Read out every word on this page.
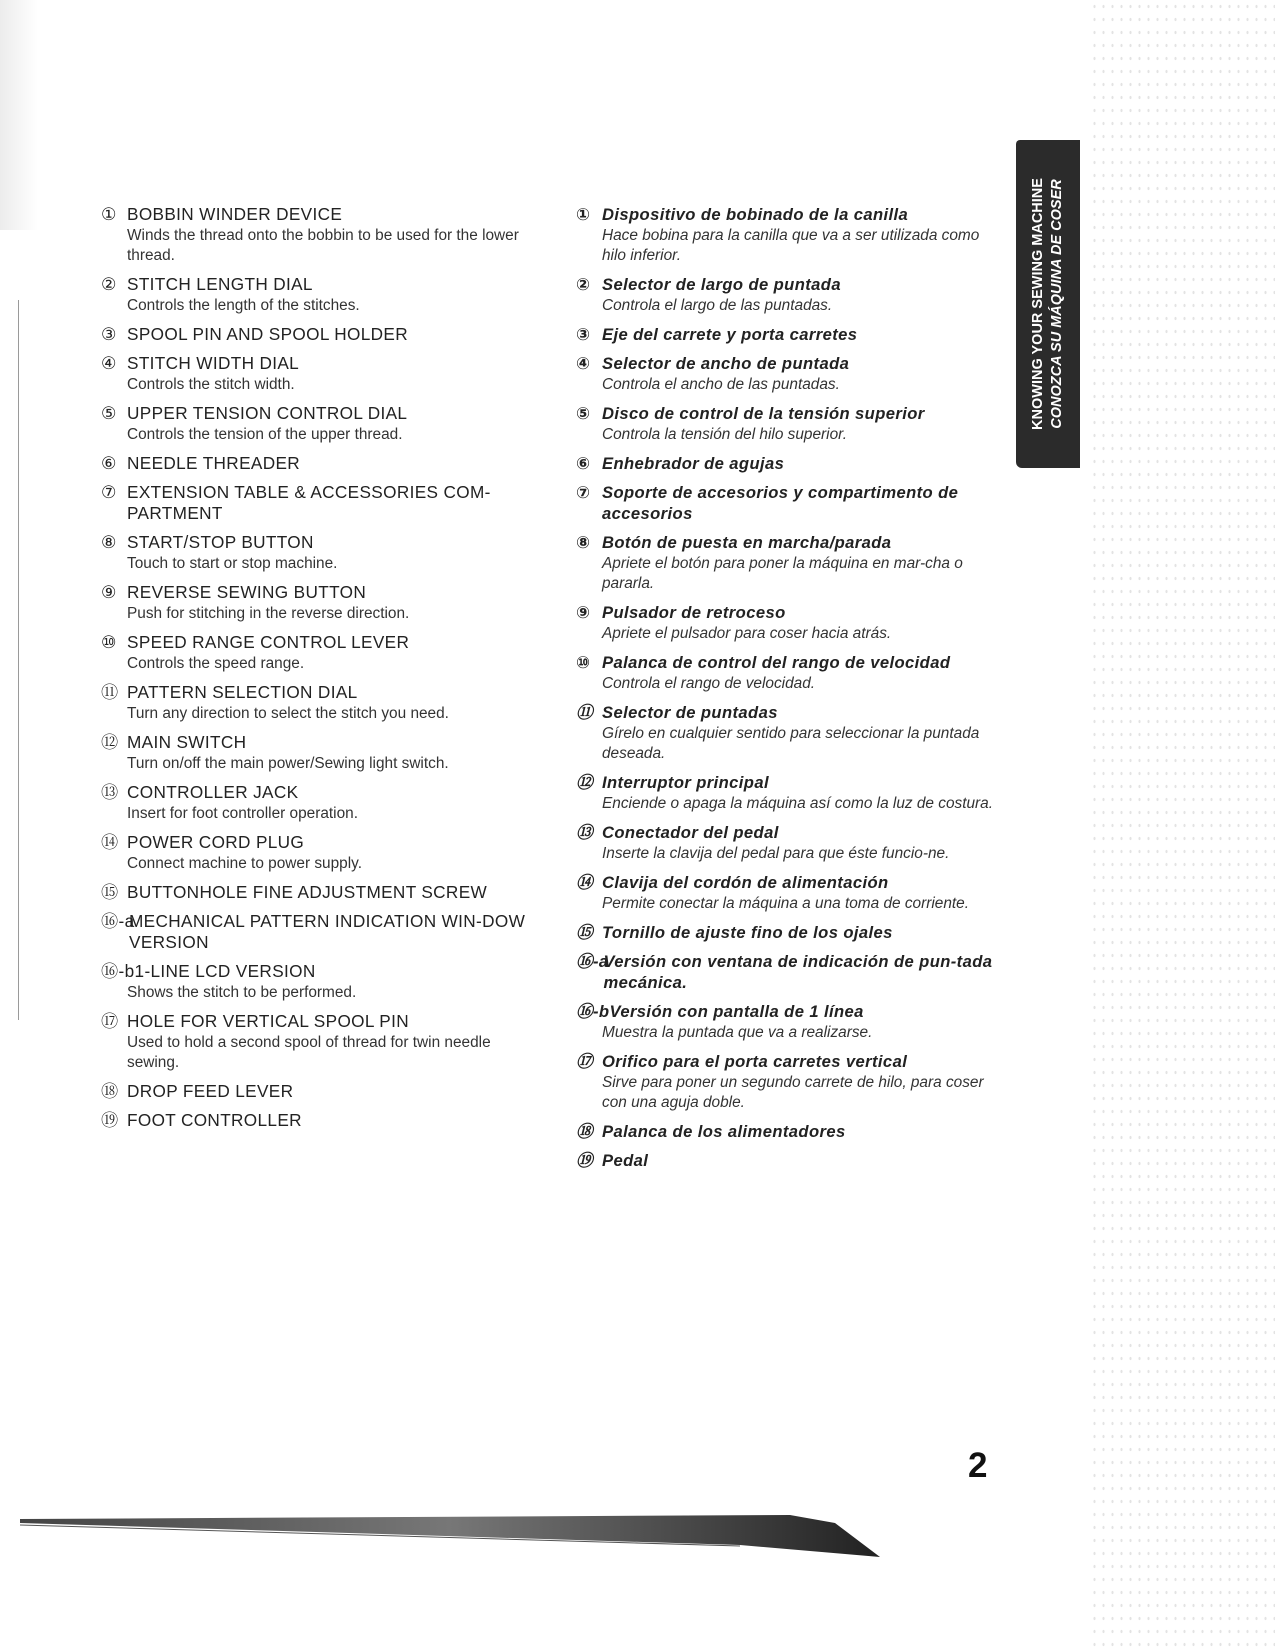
① BOBBIN WINDER DEVICE
Winds the thread onto the bobbin to be used for the lower thread.
② STITCH LENGTH DIAL
Controls the length of the stitches.
③ SPOOL PIN AND SPOOL HOLDER
④ STITCH WIDTH DIAL
Controls the stitch width.
⑤ UPPER TENSION CONTROL DIAL
Controls the tension of the upper thread.
⑥ NEEDLE THREADER
⑦ EXTENSION TABLE & ACCESSORIES COM-PARTMENT
⑧ START/STOP BUTTON
Touch to start or stop machine.
⑨ REVERSE SEWING BUTTON
Push for stitching in the reverse direction.
⑩ SPEED RANGE CONTROL LEVER
Controls the speed range.
⑪ PATTERN SELECTION DIAL
Turn any direction to select the stitch you need.
⑫ MAIN SWITCH
Turn on/off the main power/Sewing light switch.
⑬ CONTROLLER JACK
Insert for foot controller operation.
⑭ POWER CORD PLUG
Connect machine to power supply.
⑮ BUTTONHOLE FINE ADJUSTMENT SCREW
⑯-a
MECHANICAL PATTERN INDICATION WIN-DOW VERSION
⑯-b 1-LINE LCD VERSION
Shows the stitch to be performed.
⑰ HOLE FOR VERTICAL SPOOL PIN
Used to hold a second spool of thread for twin needle sewing.
⑱ DROP FEED LEVER
⑲ FOOT CONTROLLER
① Dispositivo de bobinado de la canilla
Hace bobina para la canilla que va a ser utilizada como hilo inferior.
② Selector de largo de puntada
Controla el largo de las puntadas.
③ Eje del carrete y porta carretes
④ Selector de ancho de puntada
Controla el ancho de las puntadas.
⑤ Disco de control de la tensión superior
Controla la tensión del hilo superior.
⑥ Enhebrador de agujas
⑦ Soporte de accesorios y compartimento de accesorios
⑧ Botón de puesta en marcha/parada
Apriete el botón para poner la máquina en mar-cha o pararla.
⑨ Pulsador de retroceso
Apriete el pulsador para coser hacia atrás.
⑩ Palanca de control del rango de velocidad
Controla el rango de velocidad.
⑪ Selector de puntadas
Gírelo en cualquier sentido para seleccionar la puntada deseada.
⑫ Interruptor principal
Enciende o apaga la máquina así como la luz de costura.
⑬ Conectador del pedal
Inserte la clavija del pedal para que éste funcio-ne.
⑭ Clavija del cordón de alimentación
Permite conectar la máquina a una toma de corriente.
⑮ Tornillo de ajuste fino de los ojales
⑯-a
Versión con ventana de indicación de pun-tada mecánica.
⑯-b Versión con pantalla de 1 línea
Muestra la puntada que va a realizarse.
⑰ Orifico para el porta carretes vertical
Sirve para poner un segundo carrete de hilo, para coser con una aguja doble.
⑱ Palanca de los alimentadores
⑲ Pedal
KNOWING YOUR SEWING MACHINE CONOZCA SU MÁQUINA DE COSER
2
